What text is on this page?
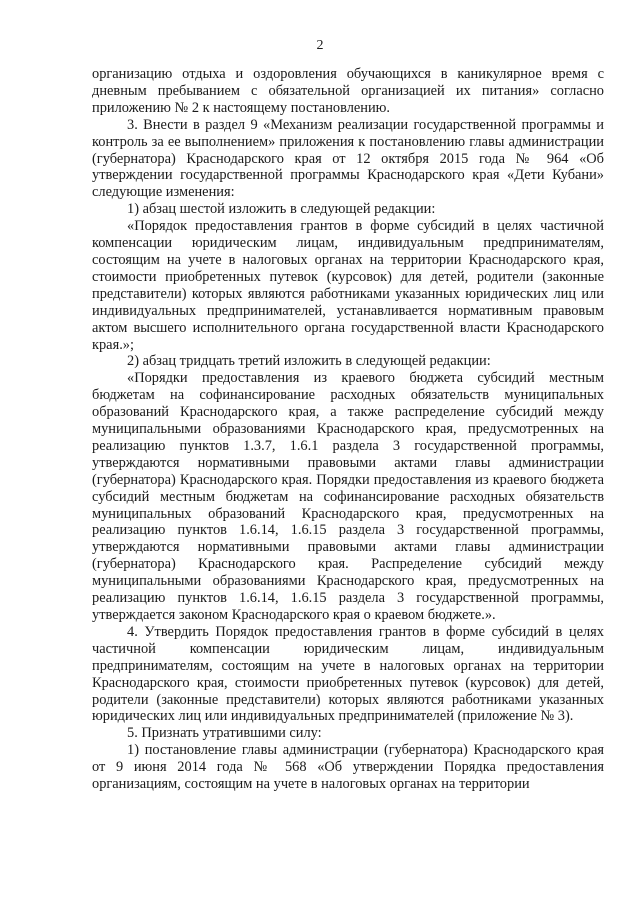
2

организацию отдыха и оздоровления обучающихся в каникулярное время с дневным пребыванием с обязательной организацией их питания» согласно приложению № 2 к настоящему постановлению.

3. Внести в раздел 9 «Механизм реализации государственной программы и контроль за ее выполнением» приложения к постановлению главы администрации (губернатора) Краснодарского края от 12 октября 2015 года № 964 «Об утверждении государственной программы Краснодарского края «Дети Кубани» следующие изменения:

1) абзац шестой изложить в следующей редакции:

«Порядок предоставления грантов в форме субсидий в целях частичной компенсации юридическим лицам, индивидуальным предпринимателям, состоящим на учете в налоговых органах на территории Краснодарского края, стоимости приобретенных путевок (курсовок) для детей, родители (законные представители) которых являются работниками указанных юридических лиц или индивидуальных предпринимателей, устанавливается нормативным правовым актом высшего исполнительного органа государственной власти Краснодарского края.»;

2) абзац тридцать третий изложить в следующей редакции:

«Порядки предоставления из краевого бюджета субсидий местным бюджетам на софинансирование расходных обязательств муниципальных образований Краснодарского края, а также распределение субсидий между муниципальными образованиями Краснодарского края, предусмотренных на реализацию пунктов 1.3.7, 1.6.1 раздела 3 государственной программы, утверждаются нормативными правовыми актами главы администрации (губернатора) Краснодарского края. Порядки предоставления из краевого бюджета субсидий местным бюджетам на софинансирование расходных обязательств муниципальных образований Краснодарского края, предусмотренных на реализацию пунктов 1.6.14, 1.6.15 раздела 3 государственной программы, утверждаются нормативными правовыми актами главы администрации (губернатора) Краснодарского края. Распределение субсидий между муниципальными образованиями Краснодарского края, предусмотренных на реализацию пунктов 1.6.14, 1.6.15 раздела 3 государственной программы, утверждается законом Краснодарского края о краевом бюджете.».

4. Утвердить Порядок предоставления грантов в форме субсидий в целях частичной компенсации юридическим лицам, индивидуальным предпринимателям, состоящим на учете в налоговых органах на территории Краснодарского края, стоимости приобретенных путевок (курсовок) для детей, родители (законные представители) которых являются работниками указанных юридических лиц или индивидуальных предпринимателей (приложение № 3).

5. Признать утратившими силу:

1) постановление главы администрации (губернатора) Краснодарского края от 9 июня 2014 года № 568 «Об утверждении Порядка предоставления организациям, состоящим на учете в налоговых органах на территории
